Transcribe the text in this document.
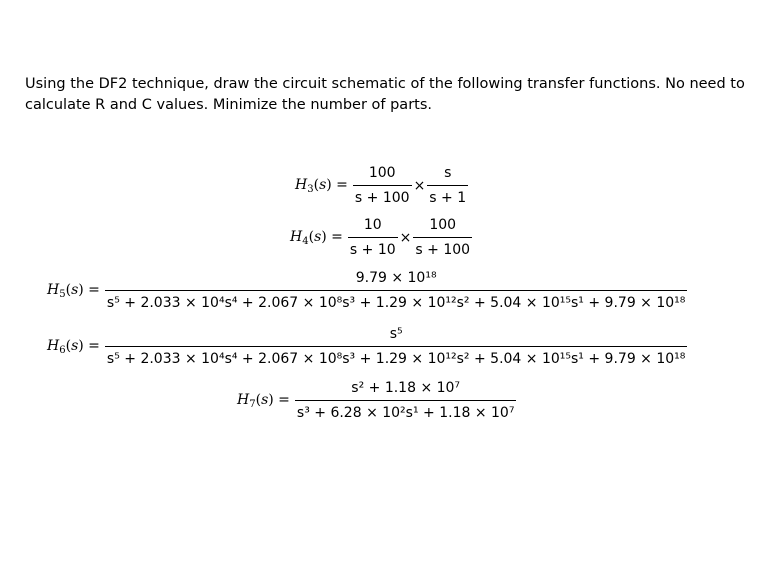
Using the DF2 technique, draw the circuit schematic of the following transfer functions. No need to
calculate R and C values. Minimize the number of parts.
$H_3(s) = \frac{100}{s + 100} \times \frac{s}{s + 1}$
$H_4(s) = \frac{10}{s + 10} \times \frac{100}{s + 100}$
$H_5(s)$ =
9.79 × 10¹⁸
s⁵ + 2.033 × 10⁴s⁴ + 2.067 × 10⁸s³ + 1.29 × 10¹²s² + 5.04 × 10¹⁵s¹ + 9.79 × 10¹⁸
$H_6(s)$ =
s⁵
s⁵ + 2.033 × 10⁴s⁴ + 2.067 × 10⁸s³ + 1.29 × 10¹²s² + 5.04 × 10¹⁵s¹ + 9.79 × 10¹⁸
$H_7(s) = \frac{\text{s² + 1.18 × 10⁷}}{\text{s³ + 6.28 × 10²s¹ + 1.18 × 10⁷}}$
